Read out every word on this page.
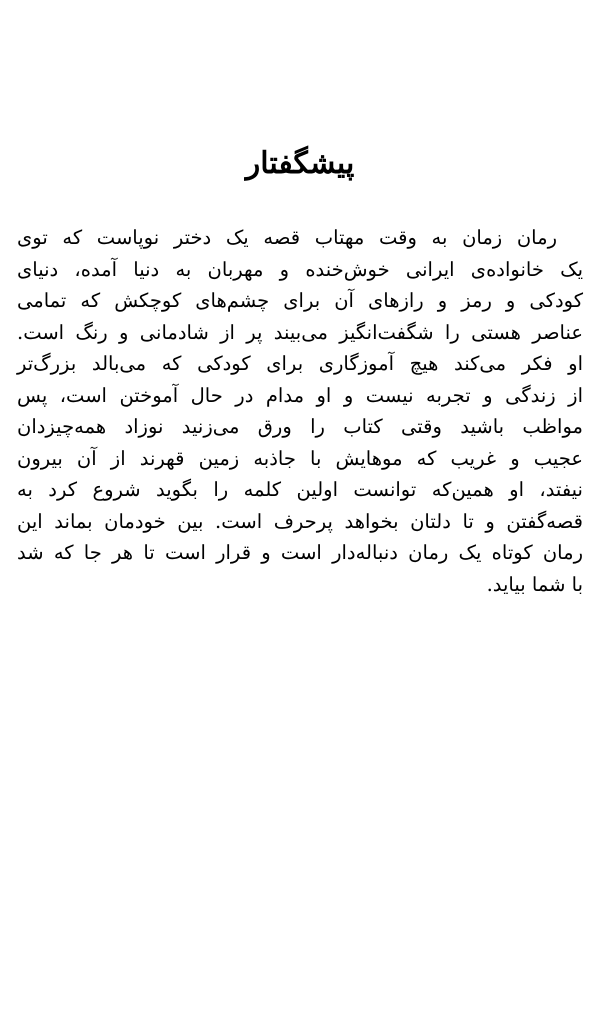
پیشگفتار
رمان زمان به وقت مهتاب قصه یک دختر نوپاست که توی
یک خانواده‌ی ایرانی خوش‌خنده و مهربان به دنیا آمده، دنیای
کودکی و رمز و رازهای آن برای چشم‌های کوچکش که تمامی
عناصر هستی را شگفت‌انگیز می‌بیند پر از شادمانی و رنگ است.
او فکر می‌کند هیچ آموزگاری برای کودکی که می‌بالد بزرگ‌تر
از زندگی و تجربه نیست و او مدام در حال آموختن است، پس
مواظب باشید وقتی کتاب را ورق می‌زنید نوزاد همه‌چیزدان
عجیب و غریب که موهایش با جاذبه زمین قهرند از آن بیرون
نیفتد، او همین‌که توانست اولین کلمه را بگوید شروع کرد به
قصه‌گفتن و تا دلتان بخواهد پرحرف است. بین خودمان بماند این
رمان کوتاه یک رمان دنباله‌دار است و قرار است تا هر جا که شد
با شما بیاید.
